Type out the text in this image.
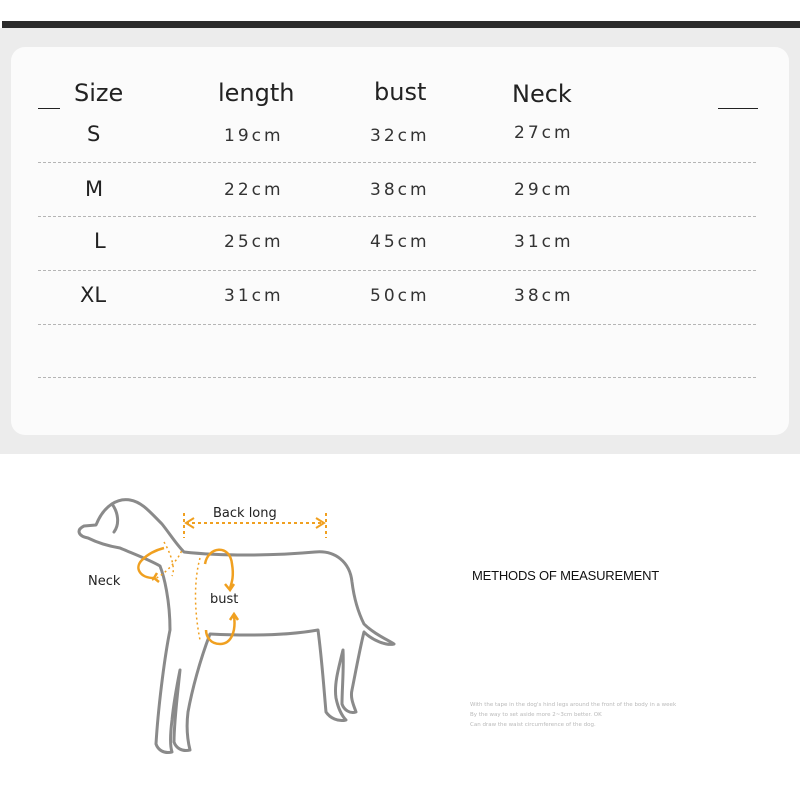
Size	length	bust	Neck
S	19cm	32cm	27cm
M	22cm	38cm	29cm
L	25cm	45cm	31cm
XL	31cm	50cm	38cm
Back long
Neck
bust
METHODS OF MEASUREMENT
With the tape in the dog's hind legs around the front of the body in a week
By the way to set aside more 2~3cm better. OK
Can draw the waist circumference of the dog.
